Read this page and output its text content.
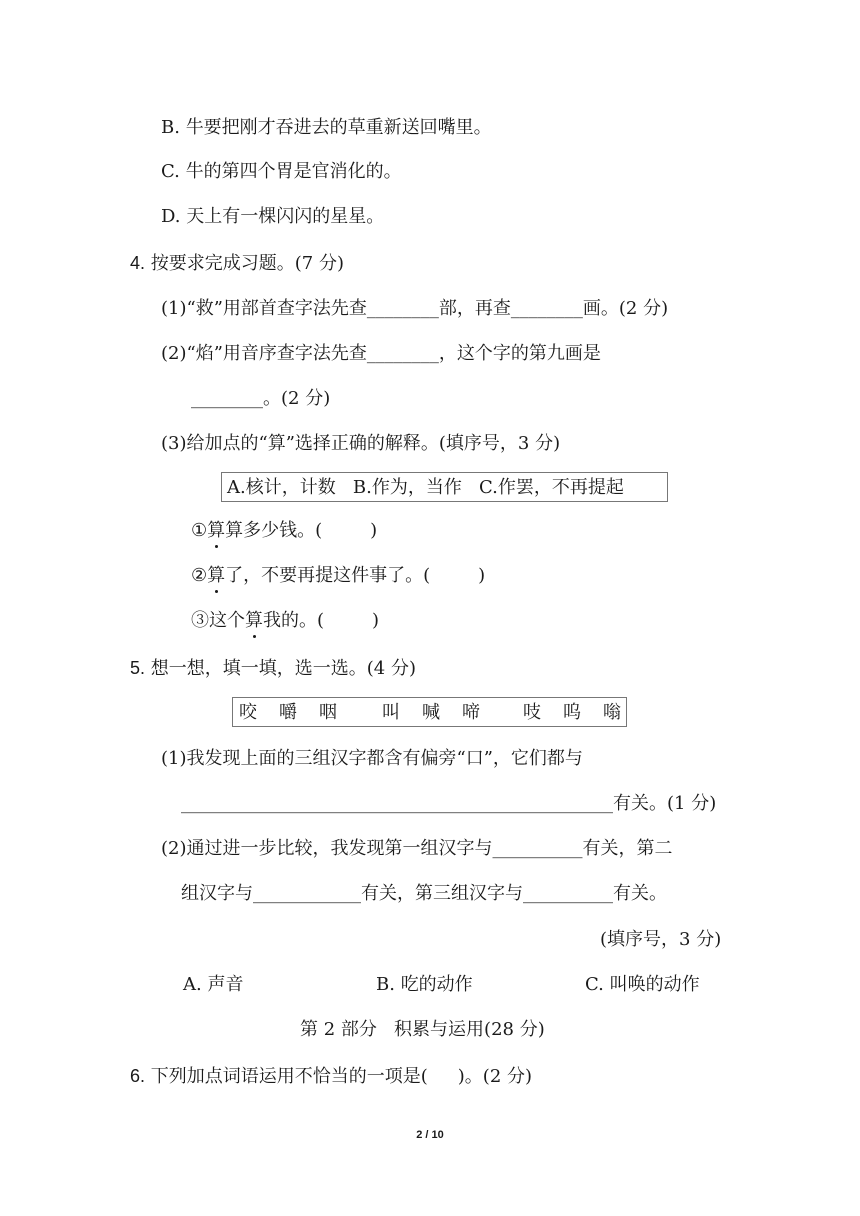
B. 牛要把刚才吞进去的草重新送回嘴里。
C. 牛的第四个胃是官消化的。
D. 天上有一棵闪闪的星星。
4. 按要求完成习题。(7 分)
(1)“救”用部首查字法先查________部，再查________画。(2 分)
(2)“焰”用音序查字法先查________，这个字的第九画是
________。(2 分)
(3)给加点的“算”选择正确的解释。(填序号，3 分)
A.核计，计数   B.作为，当作   C.作罢，不再提起
①算算多少钱。(	)
②算了，不要再提这件事了。(	)
③这个算我的。(	)
5. 想一想，填一填，选一选。(4 分)
咬 嚼 咽	叫 喊 啼 吱 呜 嗡
(1)我发现上面的三组汉字都含有偏旁“口”，它们都与
________________________________________________有关。(1 分)
(2)通过进一步比较，我发现第一组汉字与__________有关，第二
组汉字与____________有关，第三组汉字与__________有关。
(填序号，3 分)
A. 声音	B. 吃的动作	C. 叫唤的动作
第 2 部分   积累与运用(28 分)
6. 下列加点词语运用不恰当的一项是( )。(2 分)
2 / 10
